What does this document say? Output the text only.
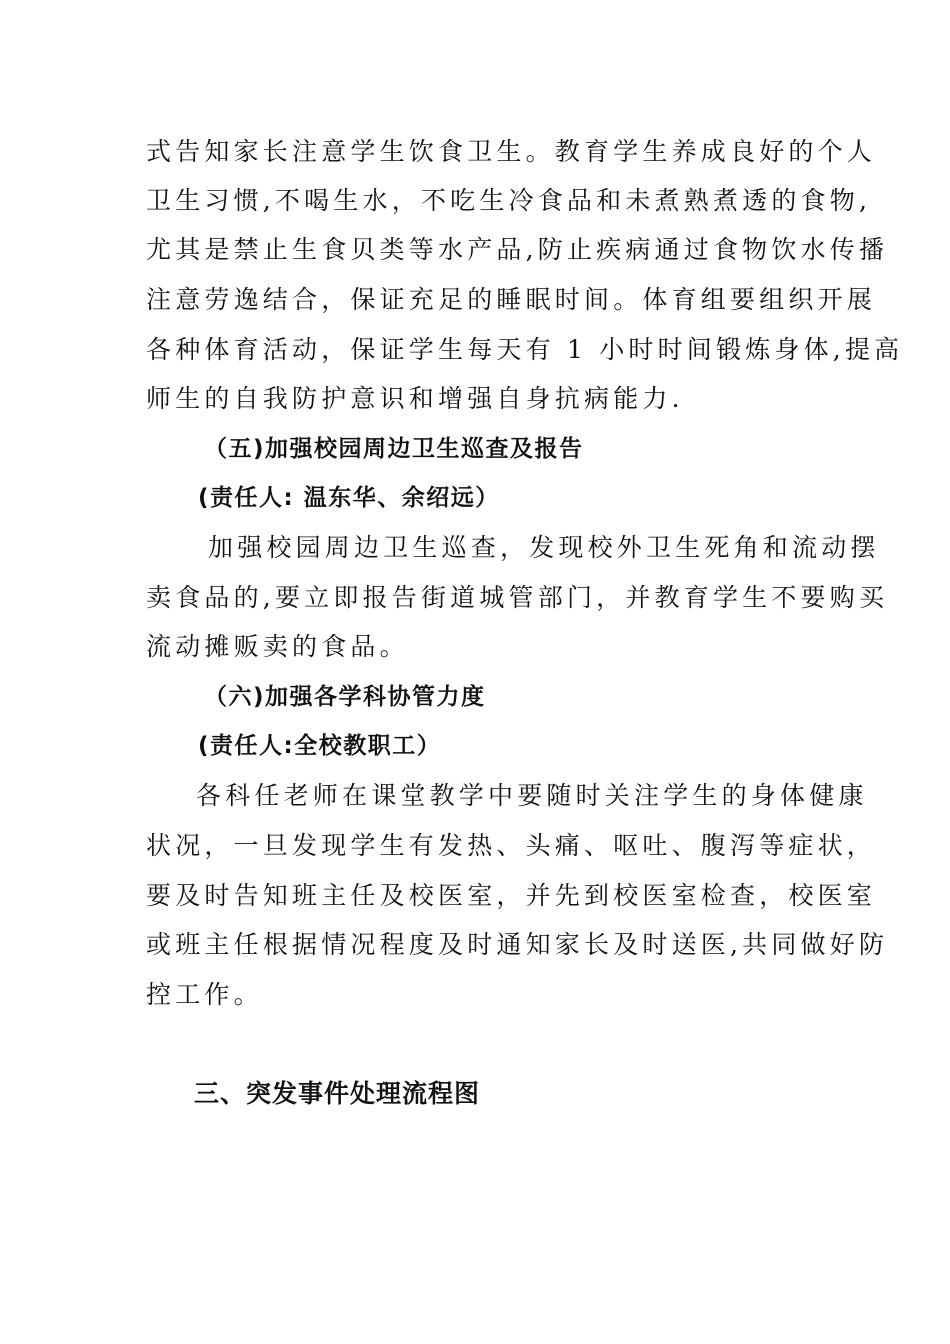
式告知家长注意学生饮食卫生。教育学生养成良好的个人
卫生习惯,不喝生水，不吃生冷食品和未煮熟煮透的食物,
尤其是禁止生食贝类等水产品,防止疾病通过食物饮水传播
注意劳逸结合，保证充足的睡眠时间。体育组要组织开展
各种体育活动，保证学生每天有 1 小时时间锻炼身体,提高
师生的自我防护意识和增强自身抗病能力.
（五)加强校园周边卫生巡查及报告
(责任人: 温东华、余绍远）
加强校园周边卫生巡查，发现校外卫生死角和流动摆
卖食品的,要立即报告街道城管部门，并教育学生不要购买
流动摊贩卖的食品。
（六)加强各学科协管力度
(责任人:全校教职工）
各科任老师在课堂教学中要随时关注学生的身体健康
状况，一旦发现学生有发热、头痛、呕吐、腹泻等症状，
要及时告知班主任及校医室，并先到校医室检查，校医室
或班主任根据情况程度及时通知家长及时送医,共同做好防
控工作。
三、突发事件处理流程图
